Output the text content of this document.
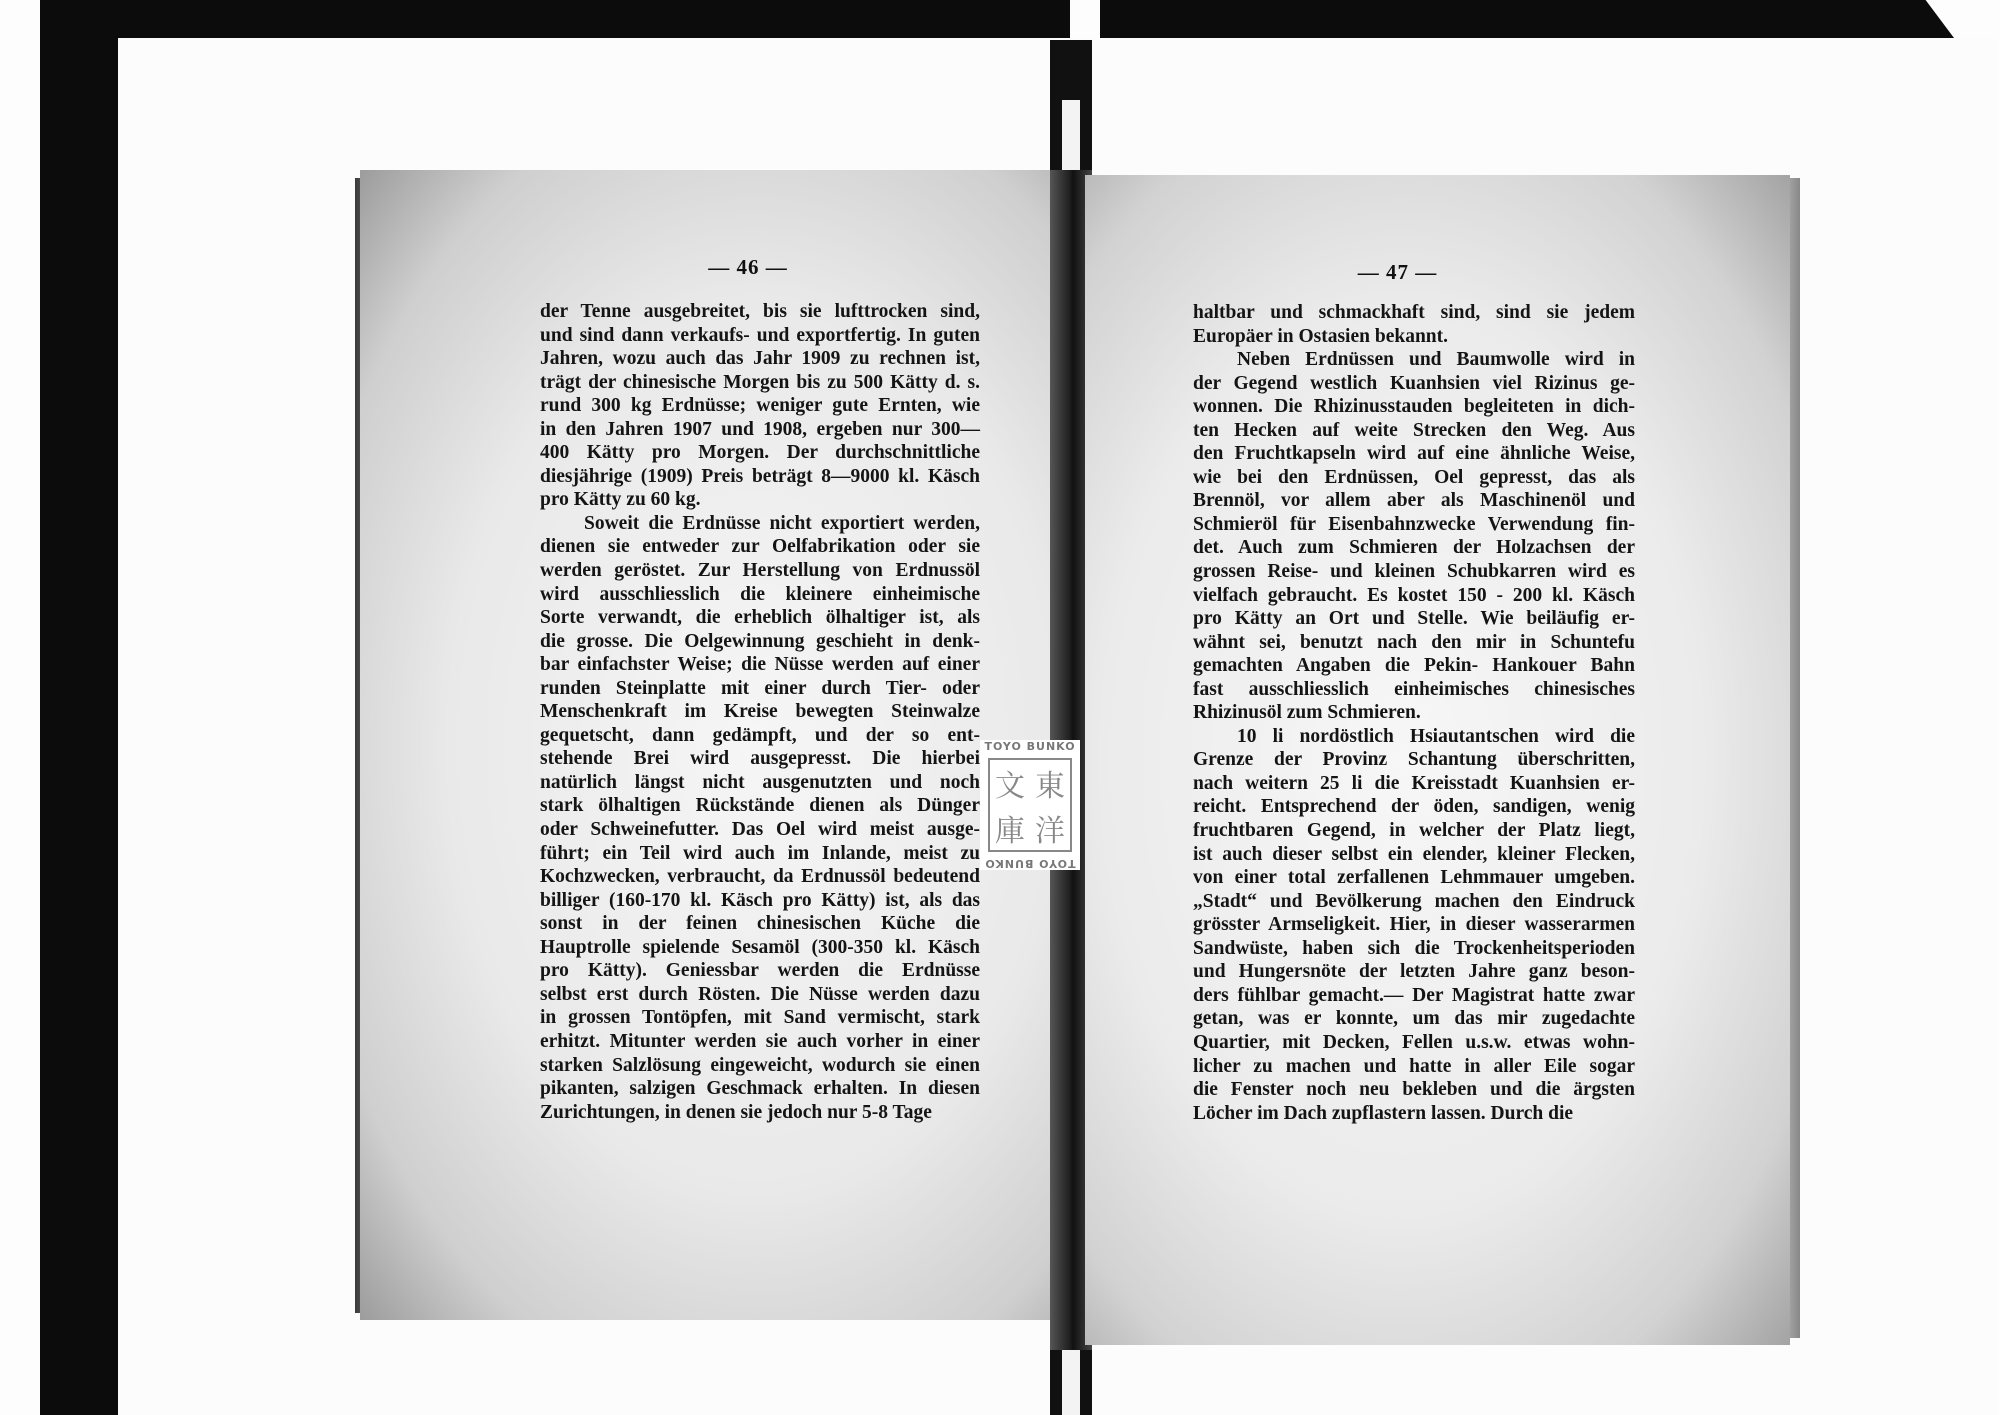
— 46 —
der Tenne ausgebreitet, bis sie lufttrocken sind,
und sind dann verkaufs- und exportfertig. In guten
Jahren, wozu auch das Jahr 1909 zu rechnen ist,
trägt der chinesische Morgen bis zu 500 Kätty d. s.
rund 300 kg Erdnüsse; weniger gute Ernten, wie
in den Jahren 1907 und 1908, ergeben nur 300—
400 Kätty pro Morgen. Der durchschnittliche
diesjährige (1909) Preis beträgt 8—9000 kl. Käsch
pro Kätty zu 60 kg.
Soweit die Erdnüsse nicht exportiert werden,
dienen sie entweder zur Oelfabrikation oder sie
werden geröstet. Zur Herstellung von Erdnussöl
wird ausschliesslich die kleinere einheimische
Sorte verwandt, die erheblich ölhaltiger ist, als
die grosse. Die Oelgewinnung geschieht in denk-
bar einfachster Weise; die Nüsse werden auf einer
runden Steinplatte mit einer durch Tier- oder
Menschenkraft im Kreise bewegten Steinwalze
gequetscht, dann gedämpft, und der so ent-
stehende Brei wird ausgepresst. Die hierbei
natürlich längst nicht ausgenutzten und noch
stark ölhaltigen Rückstände dienen als Dünger
oder Schweinefutter. Das Oel wird meist ausge-
führt; ein Teil wird auch im Inlande, meist zu
Kochzwecken, verbraucht, da Erdnussöl bedeutend
billiger (160-170 kl. Käsch pro Kätty) ist, als das
sonst in der feinen chinesischen Küche die
Hauptrolle spielende Sesamöl (300-350 kl. Käsch
pro Kätty). Geniessbar werden die Erdnüsse
selbst erst durch Rösten. Die Nüsse werden dazu
in grossen Tontöpfen, mit Sand vermischt, stark
erhitzt. Mitunter werden sie auch vorher in einer
starken Salzlösung eingeweicht, wodurch sie einen
pikanten, salzigen Geschmack erhalten. In diesen
Zurichtungen, in denen sie jedoch nur 5-8 Tage
— 47 —
haltbar und schmackhaft sind, sind sie jedem
Europäer in Ostasien bekannt.
Neben Erdnüssen und Baumwolle wird in
der Gegend westlich Kuanhsien viel Rizinus ge-
wonnen. Die Rhizinusstauden begleiteten in dich-
ten Hecken auf weite Strecken den Weg. Aus
den Fruchtkapseln wird auf eine ähnliche Weise,
wie bei den Erdnüssen, Oel gepresst, das als
Brennöl, vor allem aber als Maschinenöl und
Schmieröl für Eisenbahnzwecke Verwendung fin-
det. Auch zum Schmieren der Holzachsen der
grossen Reise- und kleinen Schubkarren wird es
vielfach gebraucht. Es kostet 150 - 200 kl. Käsch
pro Kätty an Ort und Stelle. Wie beiläufig er-
wähnt sei, benutzt nach den mir in Schuntefu
gemachten Angaben die Pekin- Hankouer Bahn
fast ausschliesslich einheimisches chinesisches
Rhizinusöl zum Schmieren.
10 li nordöstlich Hsiautantschen wird die
Grenze der Provinz Schantung überschritten,
nach weitern 25 li die Kreisstadt Kuanhsien er-
reicht. Entsprechend der öden, sandigen, wenig
fruchtbaren Gegend, in welcher der Platz liegt,
ist auch dieser selbst ein elender, kleiner Flecken,
von einer total zerfallenen Lehmmauer umgeben.
„Stadt“ und Bevölkerung machen den Eindruck
grösster Armseligkeit. Hier, in dieser wasserarmen
Sandwüste, haben sich die Trockenheitsperioden
und Hungersnöte der letzten Jahre ganz beson-
ders fühlbar gemacht.— Der Magistrat hatte zwar
getan, was er konnte, um das mir zugedachte
Quartier, mit Decken, Fellen u.s.w. etwas wohn-
licher zu machen und hatte in aller Eile sogar
die Fenster noch neu bekleben und die ärgsten
Löcher im Dach zupflastern lassen. Durch die
TOYO BUNKO
文 東
庫 洋
TOYO BUNKO
